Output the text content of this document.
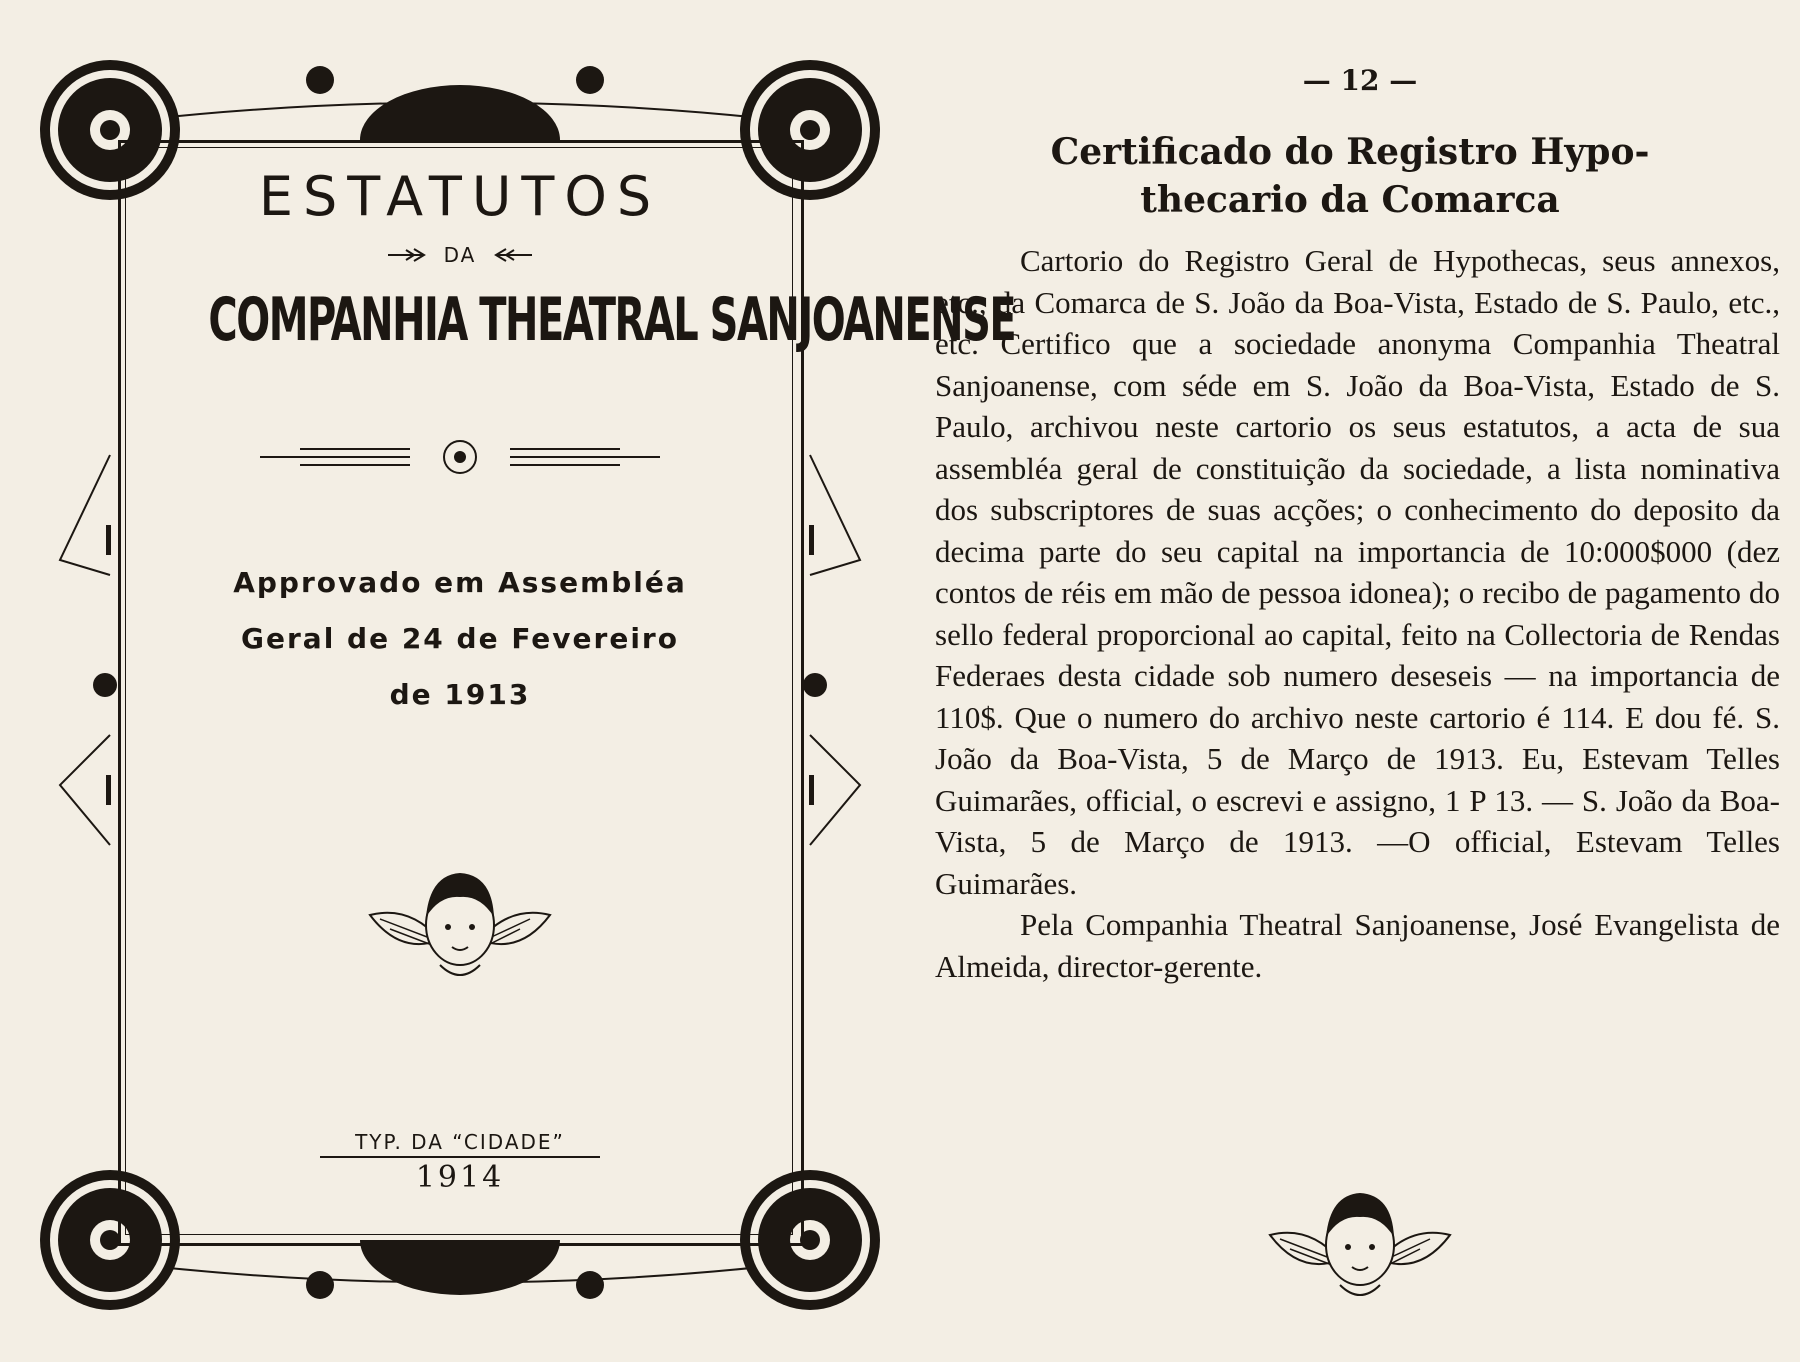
ESTATUTOS
DA
COMPANHIA THEATRAL SANJOANENSE
Approvado em Assembléa
Geral de 24 de Fevereiro
de 1913
TYP. DA “CIDADE”
1914
— 12 —
Certificado do Registro Hypo-
thecario da Comarca

Cartorio do Registro Geral de Hypothecas, seus annexos, etc., da Comarca de S. João da Boa-Vista, Estado de S. Paulo, etc., etc. Certifico que a sociedade anonyma Companhia Theatral Sanjoanense, com séde em S. João da Boa-Vista, Estado de S. Paulo, archivou neste cartorio os seus estatutos, a acta de sua assembléa geral de constituição da sociedade, a lista nominativa dos subscriptores de suas acções; o conhecimento do deposito da decima parte do seu capital na importancia de 10:000$000 (dez contos de réis em mão de pessoa idonea); o recibo de pagamento do sello federal proporcional ao capital, feito na Collectoria de Rendas Federaes desta cidade sob numero deseseis — na importancia de 110$. Que o numero do archivo neste cartorio é 114. E dou fé. S. João da Boa-Vista, 5 de Março de 1913. Eu, Estevam Telles Guimarães, official, o escrevi e assigno, 1 P 13. — S. João da Boa-Vista, 5 de Março de 1913. —O official, Estevam Telles Guimarães.

Pela Companhia Theatral Sanjoanense, José Evangelista de Almeida, director-gerente.
